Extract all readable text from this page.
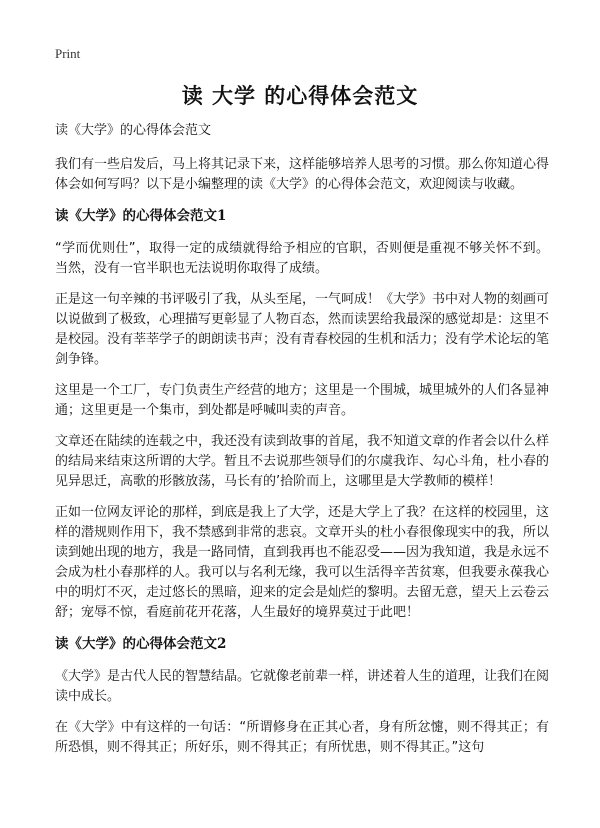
Print
读 大学 的心得体会范文

读《大学》的心得体会范文

我们有一些启发后，马上将其记录下来，这样能够培养人思考的习惯。那么你知道心得体会如何写吗？以下是小编整理的读《大学》的心得体会范文，欢迎阅读与收藏。

读《大学》的心得体会范文1

“学而优则仕”，取得一定的成绩就得给予相应的官职，否则便是重视不够关怀不到。当然，没有一官半职也无法说明你取得了成绩。

正是这一句辛辣的书评吸引了我，从头至尾，一气呵成！《大学》书中对人物的刻画可以说做到了极致，心理描写更彰显了人物百态，然而读罢给我最深的感觉却是：这里不是校园。没有莘莘学子的朗朗读书声；没有青春校园的生机和活力；没有学术论坛的笔剑争锋。

这里是一个工厂，专门负责生产经营的地方；这里是一个围城，城里城外的人们各显神通；这里更是一个集市，到处都是呼喊叫卖的声音。

文章还在陆续的连载之中，我还没有读到故事的首尾，我不知道文章的作者会以什么样的结局来结束这所谓的大学。暂且不去说那些领导们的尔虞我诈、勾心斗角，杜小春的见异思迁，高歌的形骸放荡，马长有的’拾阶而上，这哪里是大学教师的模样！

正如一位网友评论的那样，到底是我上了大学，还是大学上了我？在这样的校园里，这样的潜规则作用下，我不禁感到非常的悲哀。文章开头的杜小春很像现实中的我，所以读到她出现的地方，我是一路同情，直到我再也不能忍受——因为我知道，我是永远不会成为杜小春那样的人。我可以与名利无缘，我可以生活得辛苦贫寒，但我要永葆我心中的明灯不灭，走过悠长的黑暗，迎来的定会是灿烂的黎明。去留无意，望天上云卷云舒；宠辱不惊，看庭前花开花落，人生最好的境界莫过于此吧！

读《大学》的心得体会范文2

《大学》是古代人民的智慧结晶。它就像老前辈一样，讲述着人生的道理，让我们在阅读中成长。

在《大学》中有这样的一句话：“所谓修身在正其心者，身有所忿懥，则不得其正；有所恐惧，则不得其正；所好乐，则不得其正；有所忧患，则不得其正。”这句
